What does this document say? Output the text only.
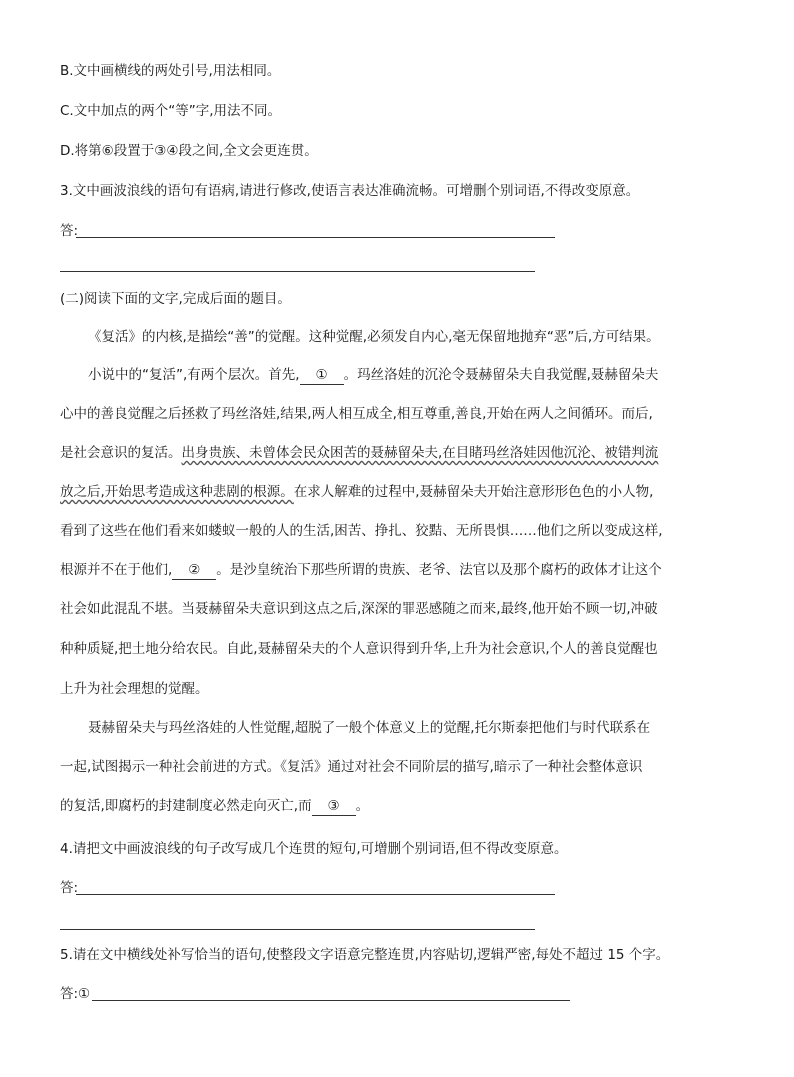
B.文中画横线的两处引号,用法相同。
C.文中加点的两个“等”字,用法不同。
D.将第⑥段置于③④段之间,全文会更连贯。
3.文中画波浪线的语句有语病,请进行修改,使语言表达准确流畅。可增删个别词语,不得改变原意。
答:
(二)阅读下面的文字,完成后面的题目。
《复活》的内核,是描绘“善”的觉醒。这种觉醒,必须发自内心,毫无保留地抛弃“恶”后,方可结果。
小说中的“复活”,有两个层次。首先, ① 。玛丝洛娃的沉沦令聂赫留朵夫自我觉醒,聂赫留朵夫
心中的善良觉醒之后拯救了玛丝洛娃,结果,两人相互成全,相互尊重,善良,开始在两人之间循环。而后,
是社会意识的复活。出身贵族、未曾体会民众困苦的聂赫留朵夫,在目睹玛丝洛娃因他沉沦、被错判流
放之后,开始思考造成这种悲剧的根源。在求人解难的过程中,聂赫留朵夫开始注意形形色色的小人物,
看到了这些在他们看来如蝼蚁一般的人的生活,困苦、挣扎、狡黠、无所畏惧……他们之所以变成这样,
根源并不在于他们, ② 。是沙皇统治下那些所谓的贵族、老爷、法官以及那个腐朽的政体才让这个
社会如此混乱不堪。当聂赫留朵夫意识到这点之后,深深的罪恶感随之而来,最终,他开始不顾一切,冲破
种种质疑,把土地分给农民。自此,聂赫留朵夫的个人意识得到升华,上升为社会意识,个人的善良觉醒也
上升为社会理想的觉醒。
聂赫留朵夫与玛丝洛娃的人性觉醒,超脱了一般个体意义上的觉醒,托尔斯泰把他们与时代联系在
一起,试图揭示一种社会前进的方式。《复活》通过对社会不同阶层的描写,暗示了一种社会整体意识
的复活,即腐朽的封建制度必然走向灭亡,而 ③ 。
4.请把文中画波浪线的句子改写成几个连贯的短句,可增删个别词语,但不得改变原意。
答:
5.请在文中横线处补写恰当的语句,使整段文字语意完整连贯,内容贴切,逻辑严密,每处不超过 15 个字。
答:①
